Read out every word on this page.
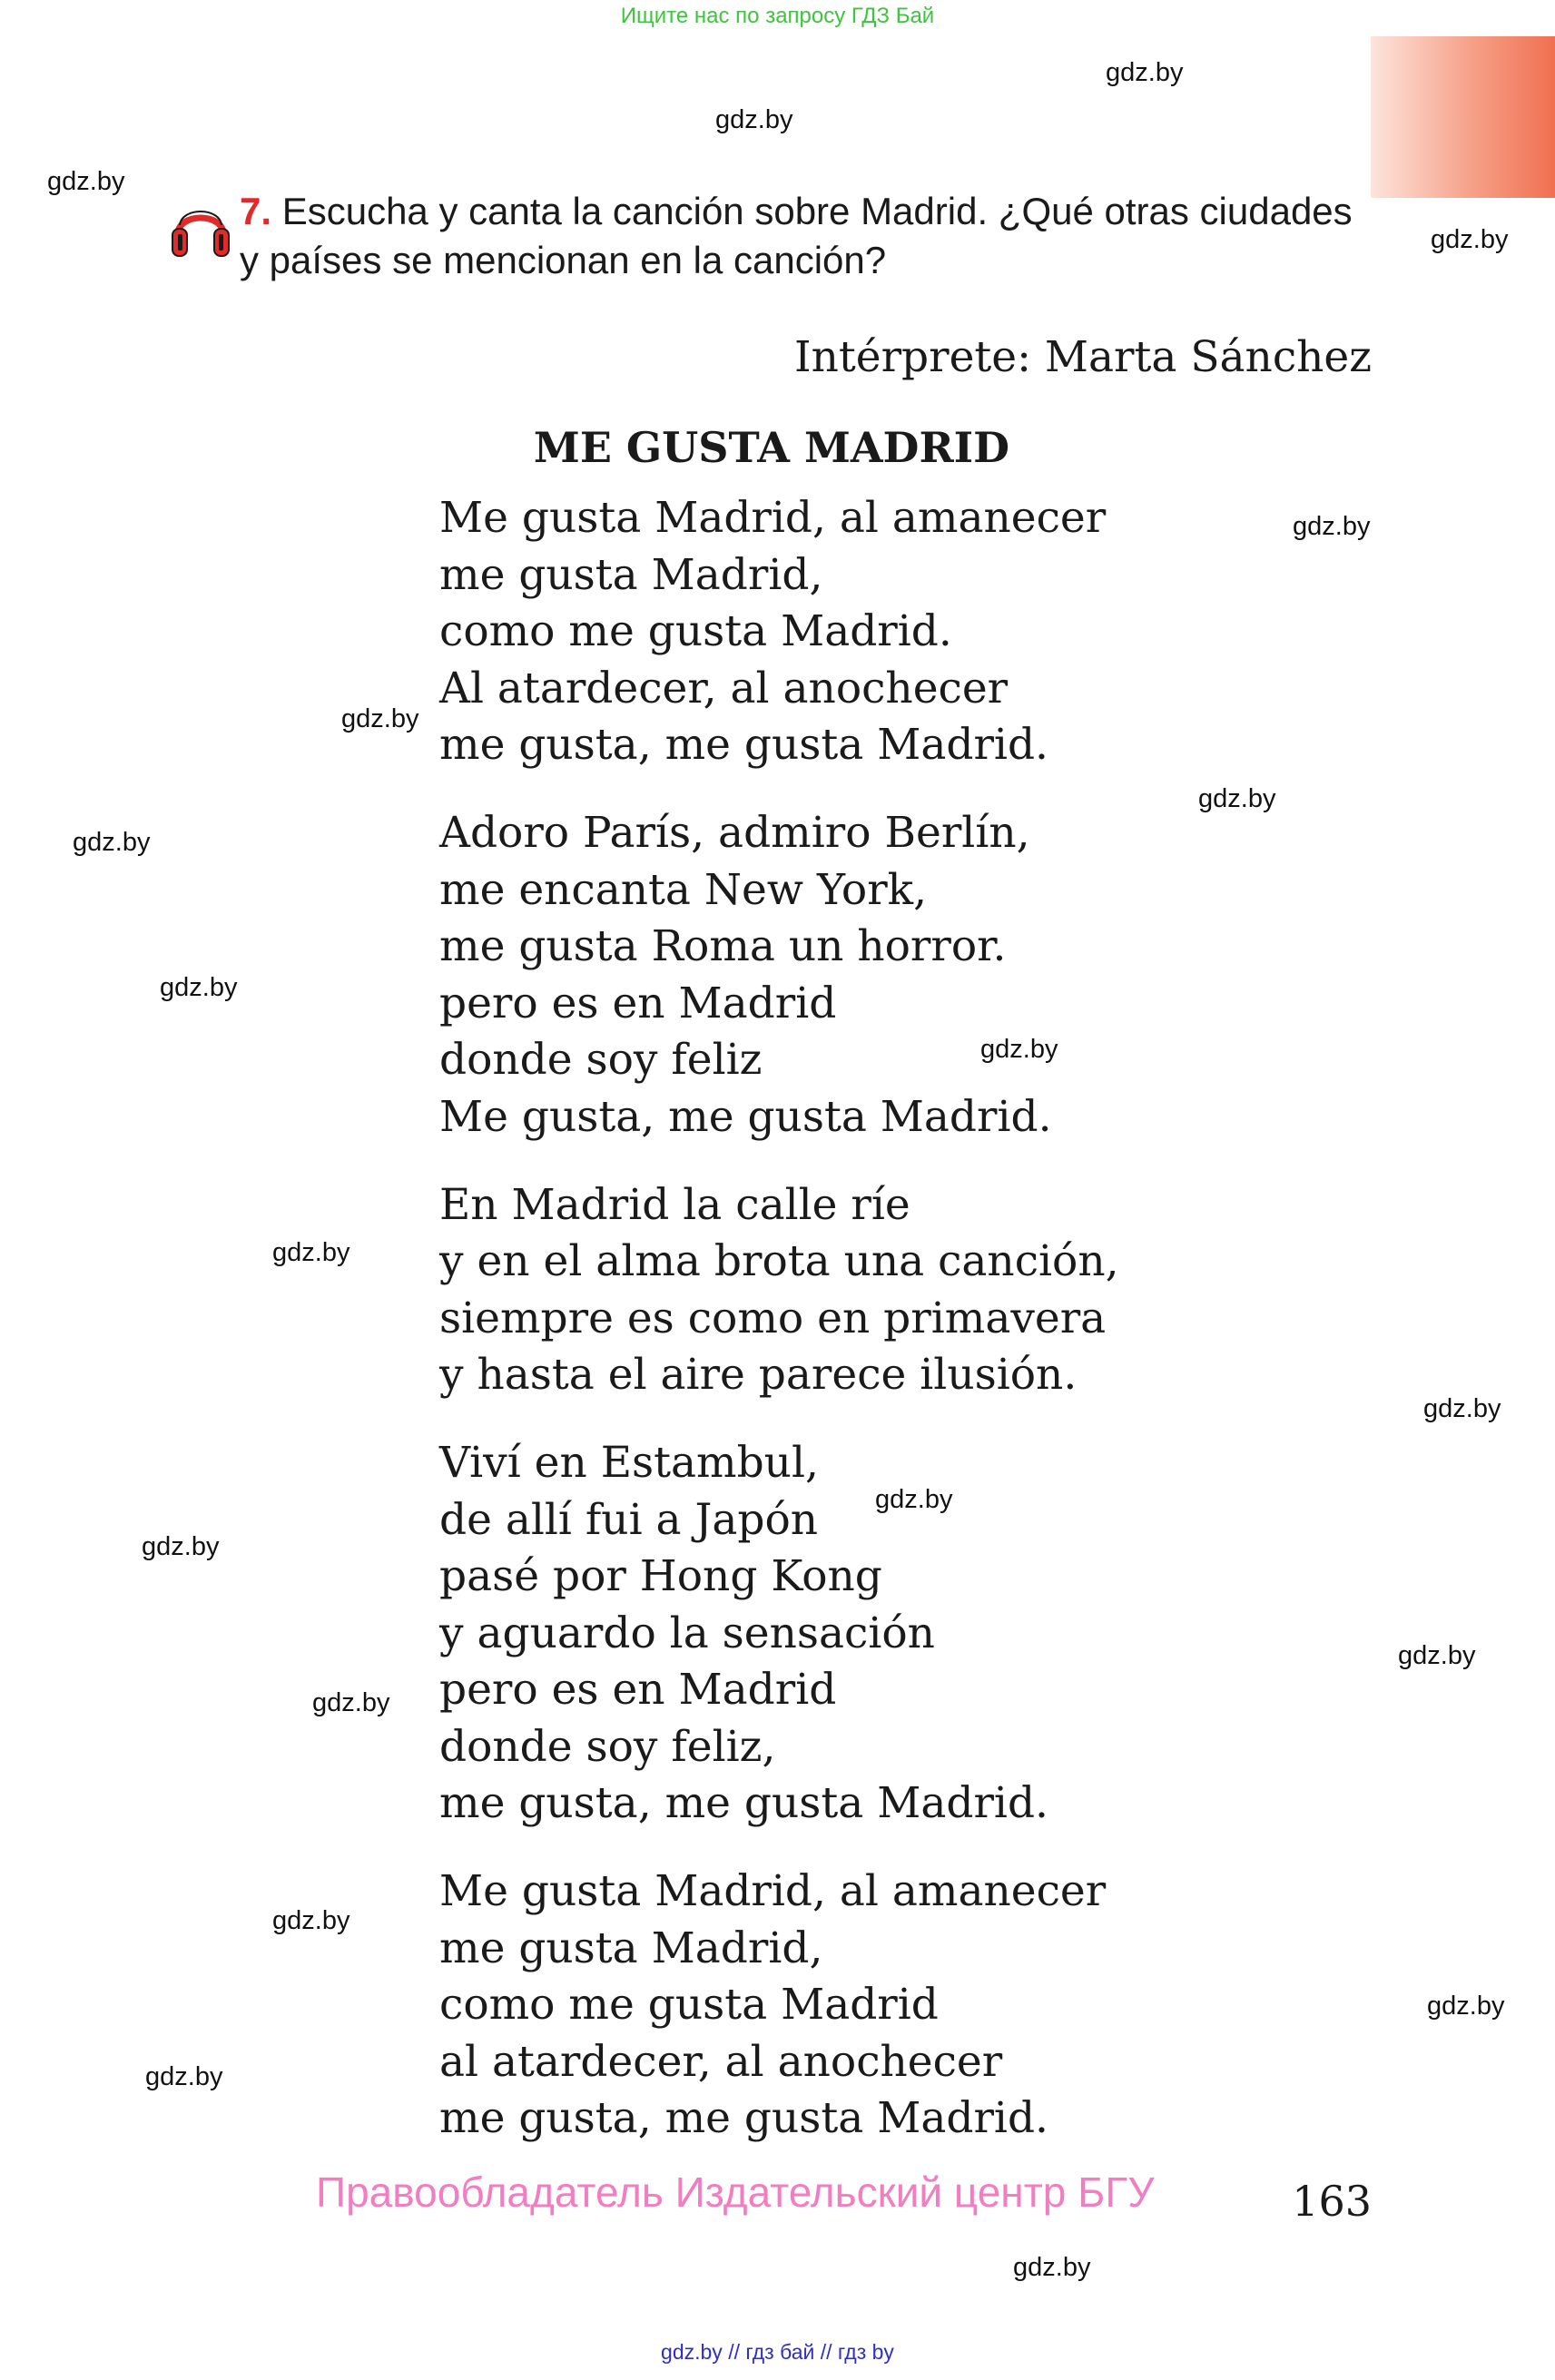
Ищите нас по запросу ГДЗ Бай
gdz.by
gdz.by
gdz.by
gdz.by
gdz.by
gdz.by
gdz.by
gdz.by
gdz.by
gdz.by
gdz.by
gdz.by
gdz.by
gdz.by
gdz.by
gdz.by
gdz.by
gdz.by
gdz.by
gdz.by
7. Escucha y canta la canción sobre Madrid. ¿Qué otras ciudades y países se mencionan en la canción?
Intérprete: Marta Sánchez
ME GUSTA MADRID
Me gusta Madrid, al amanecer
me gusta Madrid,
como me gusta Madrid.
Al atardecer, al anochecer
me gusta, me gusta Madrid.
Adoro París, admiro Berlín,
me encanta New York,
me gusta Roma un horror.
pero es en Madrid
donde soy feliz
Me gusta, me gusta Madrid.
En Madrid la calle ríe
y en el alma brota una canción,
siempre es como en primavera
y hasta el aire parece ilusión.
Viví en Estambul,
de allí fui a Japón
pasé por Hong Kong
y aguardo la sensación
pero es en Madrid
donde soy feliz,
me gusta, me gusta Madrid.
Me gusta Madrid, al amanecer
me gusta Madrid,
como me gusta Madrid
al atardecer, al anochecer
me gusta, me gusta Madrid.
Правообладатель Издательский центр БГУ	163
gdz.by // гдз бай // гдз by
